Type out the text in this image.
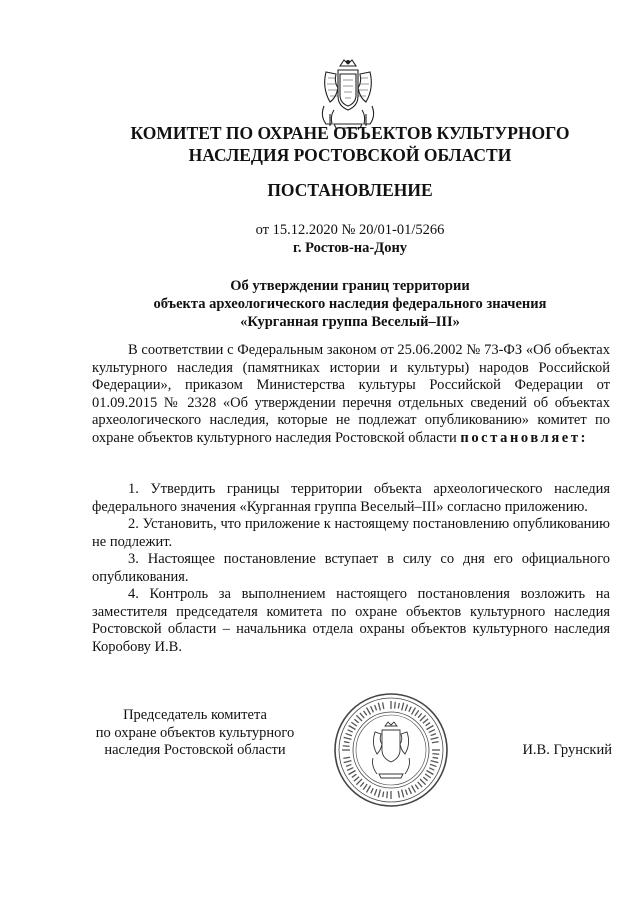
КОМИТЕТ ПО ОХРАНЕ ОБЪЕКТОВ КУЛЬТУРНОГО
НАСЛЕДИЯ РОСТОВСКОЙ ОБЛАСТИ
ПОСТАНОВЛЕНИЕ
от 15.12.2020 № 20/01-01/5266
г. Ростов-на-Дону
Об утверждении границ территории
объекта археологического наследия федерального значения
«Курганная группа Веселый–III»
В соответствии с Федеральным законом от 25.06.2002 № 73-ФЗ «Об объектах культурного наследия (памятниках истории и культуры) народов Российской Федерации», приказом Министерства культуры Российской Федерации от 01.09.2015 № 2328 «Об утверждении перечня отдельных сведений об объектах археологического наследия, которые не подлежат опубликованию» комитет по охране объектов культурного наследия Ростовской области постановляет:

1. Утвердить границы территории объекта археологического наследия федерального значения «Курганная группа Веселый–III» согласно приложению.

2. Установить, что приложение к настоящему постановлению опубликованию не подлежит.

3. Настоящее постановление вступает в силу со дня его официального опубликования.

4. Контроль за выполнением настоящего постановления возложить на заместителя председателя комитета по охране объектов культурного наследия Ростовской области – начальника отдела охраны объектов культурного наследия Коробову И.В.

Председатель комитета
по охране объектов культурного
наследия Ростовской области	И.В. Грунский
